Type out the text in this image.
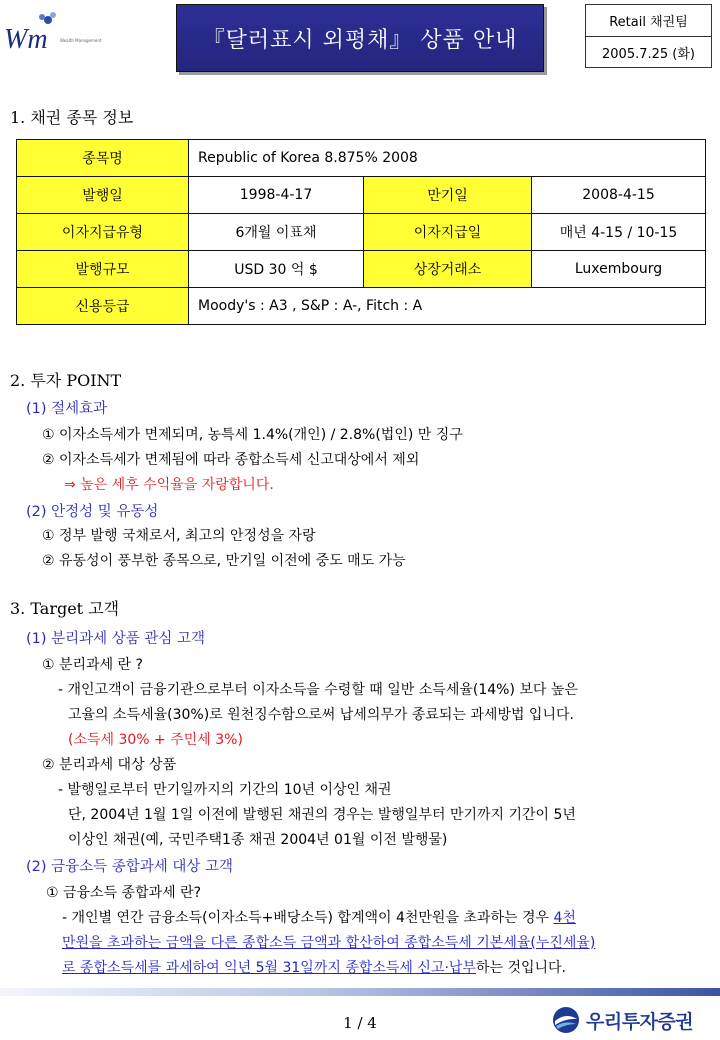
Wm	Wealth Management	『달러표시 외평채』 상품 안내
Retail 채권팀
2005.7.25 (화)
1. 채권 종목 정보
종목명	Republic of Korea 8.875% 2008		
발행일	1998-4-17	만기일	2008-4-15
이자지급유형	6개월 이표채	이자지급일	매년 4-15 / 10-15
발행규모	USD 30 억 $	상장거래소	Luxembourg
신용등급	Moody's : A3 , S&P : A-, Fitch : A		
2. 투자 POINT
(1) 절세효과
① 이자소득세가 면제되며, 농특세 1.4%(개인) / 2.8%(법인) 만 징구
② 이자소득세가 면제됨에 따라 종합소득세 신고대상에서 제외
⇒ 높은 세후 수익율을 자랑합니다.
(2) 안정성 및 유동성
① 정부 발행 국채로서, 최고의 안정성을 자랑
② 유동성이 풍부한 종목으로, 만기일 이전에 중도 매도 가능
3. Target 고객
(1) 분리과세 상품 관심 고객
① 분리과세 란 ?
- 개인고객이 금융기관으로부터 이자소득을 수령할 때 일반 소득세율(14%) 보다 높은
고율의 소득세율(30%)로 원천징수함으로써 납세의무가 종료되는 과세방법 입니다.
(소득세 30% + 주민세 3%)
② 분리과세 대상 상품
- 발행일로부터 만기일까지의 기간의 10년 이상인 채권
단, 2004년 1월 1일 이전에 발행된 채권의 경우는 발행일부터 만기까지 기간이 5년
이상인 채권(예, 국민주택1종 채권 2004년 01월 이전 발행물)
(2) 금융소득 종합과세 대상 고객
① 금융소득 종합과세 란?
- 개인별 연간 금융소득(이자소득+배당소득) 합계액이 4천만원을 초과하는 경우 4천
만원을 초과하는 금액을 다른 종합소득 금액과 합산하여 종합소득세 기본세율(누진세율)
로 종합소득세를 과세하여 익년 5월 31일까지 종합소득세 신고·납부하는 것입니다.
1 / 4	우리투자증권
